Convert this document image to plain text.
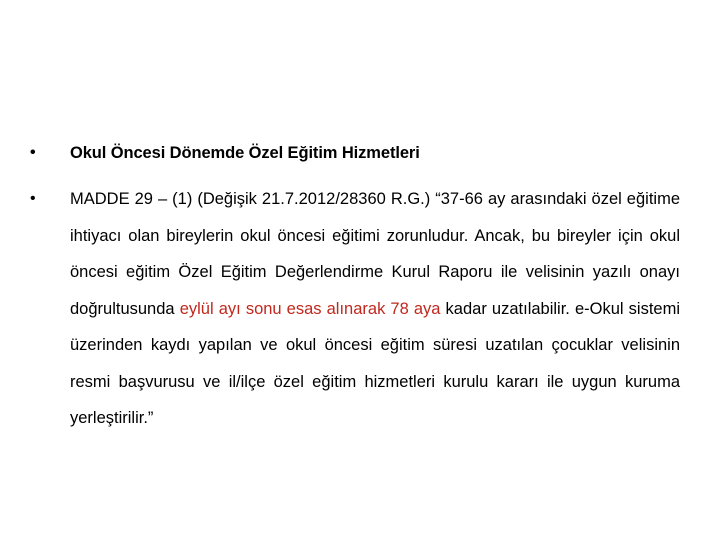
• Okul Öncesi Dönemde Özel Eğitim Hizmetleri
• MADDE 29 – (1) (Değişik 21.7.2012/28360 R.G.) “37-66 ay arasındaki özel eğitime ihtiyacı olan bireylerin okul öncesi eğitimi zorunludur. Ancak, bu bireyler için okul öncesi eğitim Özel Eğitim Değerlendirme Kurul Raporu ile velisinin yazılı onayı doğrultusunda eylül ayı sonu esas alınarak 78 aya kadar uzatılabilir. e-Okul sistemi üzerinden kaydı yapılan ve okul öncesi eğitim süresi uzatılan çocuklar velisinin resmi başvurusu ve il/ilçe özel eğitim hizmetleri kurulu kararı ile uygun kuruma yerleştirilir.”
